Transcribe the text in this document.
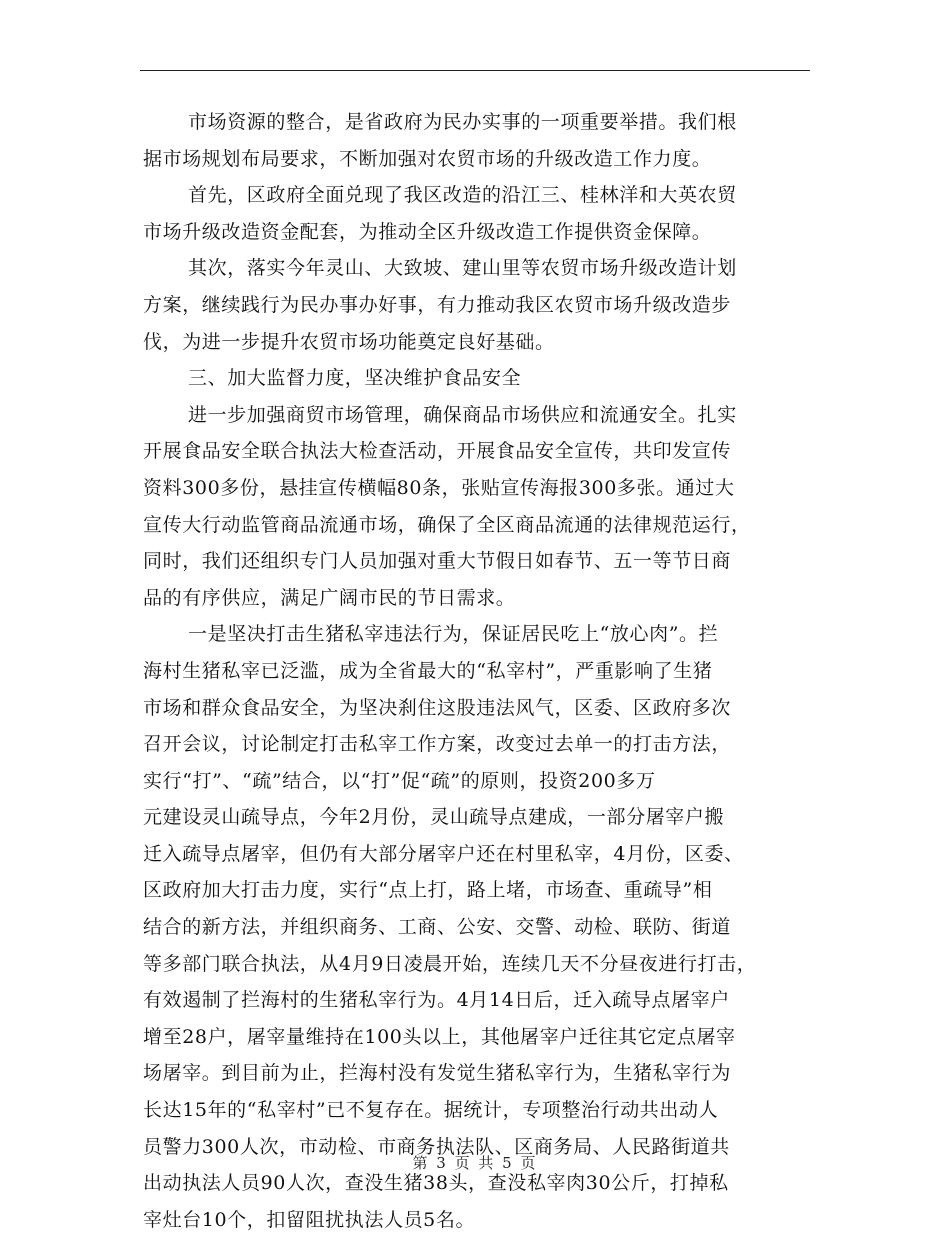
市场资源的整合，是省政府为民办实事的一项重要举措。我们根
据市场规划布局要求，不断加强对农贸市场的升级改造工作力度。
首先，区政府全面兑现了我区改造的沿江三、桂林洋和大英农贸
市场升级改造资金配套，为推动全区升级改造工作提供资金保障。
其次，落实今年灵山、大致坡、建山里等农贸市场升级改造计划
方案，继续践行为民办事办好事，有力推动我区农贸市场升级改造步
伐，为进一步提升农贸市场功能奠定良好基础。
三、加大监督力度，坚决维护食品安全
进一步加强商贸市场管理，确保商品市场供应和流通安全。扎实
开展食品安全联合执法大检查活动，开展食品安全宣传，共印发宣传
资料300多份，悬挂宣传横幅80条，张贴宣传海报300多张。通过大
宣传大行动监管商品流通市场，确保了全区商品流通的法律规范运行，
同时，我们还组织专门人员加强对重大节假日如春节、五一等节日商
品的有序供应，满足广阔市民的节日需求。
一是坚决打击生猪私宰违法行为，保证居民吃上“放心肉”。拦
海村生猪私宰已泛滥，成为全省最大的“私宰村”，严重影响了生猪
市场和群众食品安全，为坚决刹住这股违法风气，区委、区政府多次
召开会议，讨论制定打击私宰工作方案，改变过去单一的打击方法，
实行“打”、“疏”结合，以“打”促“疏”的原则，投资200多万
元建设灵山疏导点，今年2月份，灵山疏导点建成，一部分屠宰户搬
迁入疏导点屠宰，但仍有大部分屠宰户还在村里私宰，4月份，区委、
区政府加大打击力度，实行“点上打，路上堵，市场查、重疏导”相
结合的新方法，并组织商务、工商、公安、交警、动检、联防、街道
等多部门联合执法，从4月9日凌晨开始，连续几天不分昼夜进行打击，
有效遏制了拦海村的生猪私宰行为。4月14日后，迁入疏导点屠宰户
增至28户，屠宰量维持在100头以上，其他屠宰户迁往其它定点屠宰
场屠宰。到目前为止，拦海村没有发觉生猪私宰行为，生猪私宰行为
长达15年的“私宰村”已不复存在。据统计，专项整治行动共出动人
员警力300人次，市动检、市商务执法队、区商务局、人民路街道共
出动执法人员90人次，查没生猪38头，查没私宰肉30公斤，打掉私
宰灶台10个，扣留阻扰执法人员5名。
第 3 页 共 5 页
